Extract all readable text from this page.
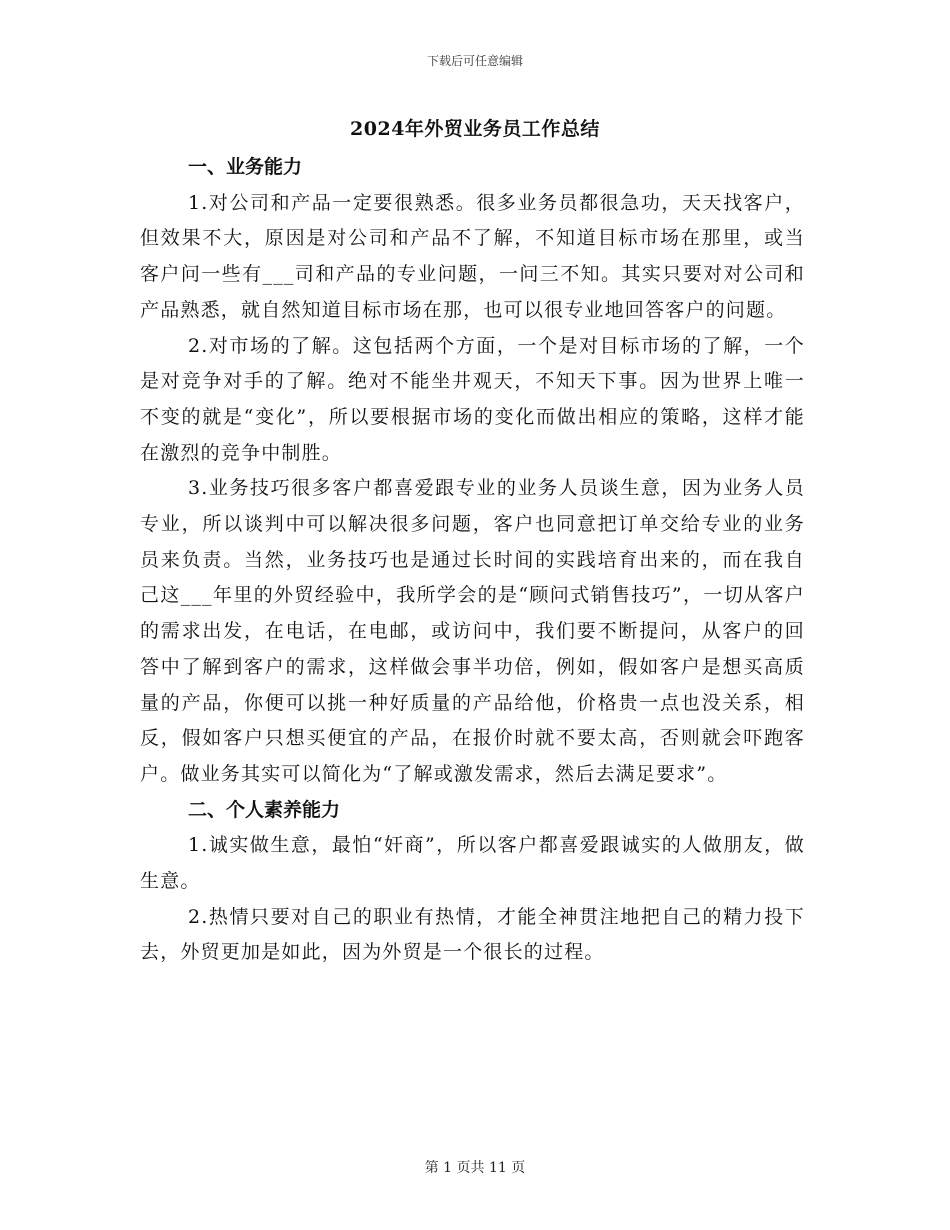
下载后可任意编辑
2024年外贸业务员工作总结

一、业务能力

1.对公司和产品一定要很熟悉。很多业务员都很急功，天天找客户，但效果不大，原因是对公司和产品不了解，不知道目标市场在那里，或当客户问一些有___司和产品的专业问题，一问三不知。其实只要对对公司和产品熟悉，就自然知道目标市场在那，也可以很专业地回答客户的问题。

2.对市场的了解。这包括两个方面，一个是对目标市场的了解，一个是对竞争对手的了解。绝对不能坐井观天，不知天下事。因为世界上唯一不变的就是“变化”，所以要根据市场的变化而做出相应的策略，这样才能在激烈的竞争中制胜。

3.业务技巧很多客户都喜爱跟专业的业务人员谈生意，因为业务人员专业，所以谈判中可以解决很多问题，客户也同意把订单交给专业的业务员来负责。当然，业务技巧也是通过长时间的实践培育出来的，而在我自己这___年里的外贸经验中，我所学会的是“顾问式销售技巧”，一切从客户的需求出发，在电话，在电邮，或访问中，我们要不断提问，从客户的回答中了解到客户的需求，这样做会事半功倍，例如，假如客户是想买高质量的产品，你便可以挑一种好质量的产品给他，价格贵一点也没关系，相反，假如客户只想买便宜的产品，在报价时就不要太高，否则就会吓跑客户。做业务其实可以简化为“了解或激发需求，然后去满足要求”。

二、个人素养能力

1.诚实做生意，最怕“奸商”，所以客户都喜爱跟诚实的人做朋友，做生意。

2.热情只要对自己的职业有热情，才能全神贯注地把自己的精力投下去，外贸更加是如此，因为外贸是一个很长的过程。

第 1 页共 11 页
